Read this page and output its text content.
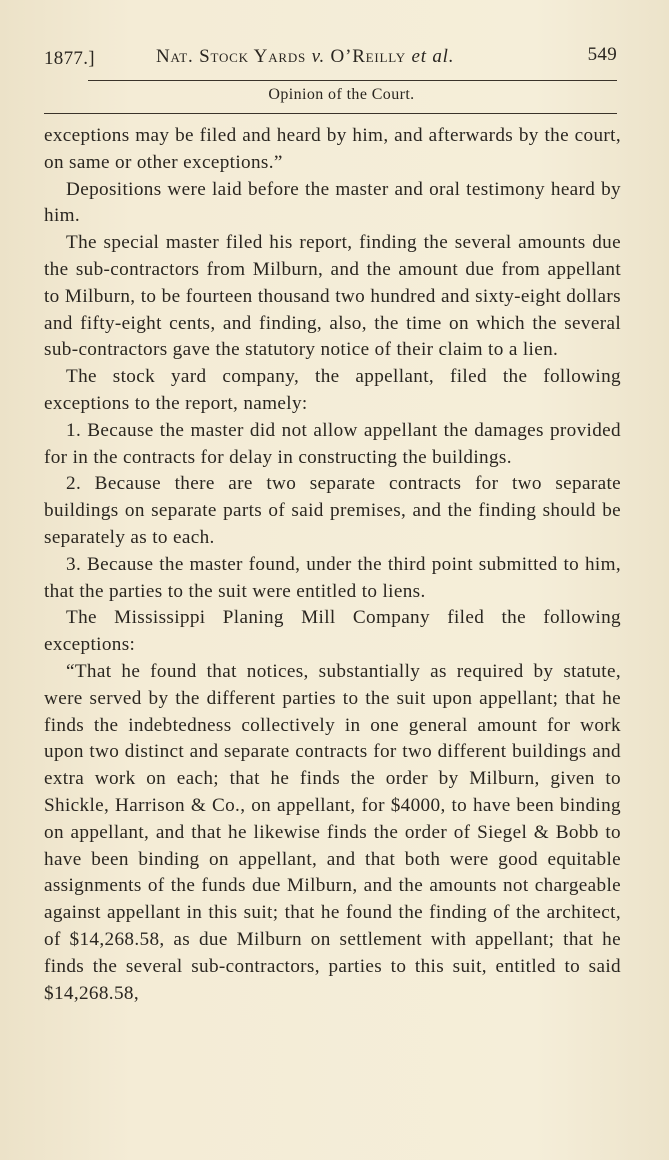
1877.]	Nat. Stock Yards v. O’Reilly et al.	549
Opinion of the Court.

exceptions may be filed and heard by him, and afterwards by the court, on same or other exceptions.”

Depositions were laid before the master and oral testimony heard by him.

The special master filed his report, finding the several amounts due the sub-contractors from Milburn, and the amount due from appellant to Milburn, to be fourteen thousand two hundred and sixty-eight dollars and fifty-eight cents, and finding, also, the time on which the several sub-contractors gave the statutory notice of their claim to a lien.

The stock yard company, the appellant, filed the following exceptions to the report, namely:

1. Because the master did not allow appellant the damages provided for in the contracts for delay in constructing the buildings.

2. Because there are two separate contracts for two separate buildings on separate parts of said premises, and the finding should be separately as to each.

3. Because the master found, under the third point submitted to him, that the parties to the suit were entitled to liens.

The Mississippi Planing Mill Company filed the following exceptions:

“That he found that notices, substantially as required by statute, were served by the different parties to the suit upon appellant; that he finds the indebtedness collectively in one general amount for work upon two distinct and separate contracts for two different buildings and extra work on each; that he finds the order by Milburn, given to Shickle, Harrison & Co., on appellant, for $4000, to have been binding on appellant, and that he likewise finds the order of Siegel & Bobb to have been binding on appellant, and that both were good equitable assignments of the funds due Milburn, and the amounts not chargeable against appellant in this suit; that he found the finding of the architect, of $14,268.58, as due Milburn on settlement with appellant; that he finds the several sub-contractors, parties to this suit, entitled to said $14,268.58,
